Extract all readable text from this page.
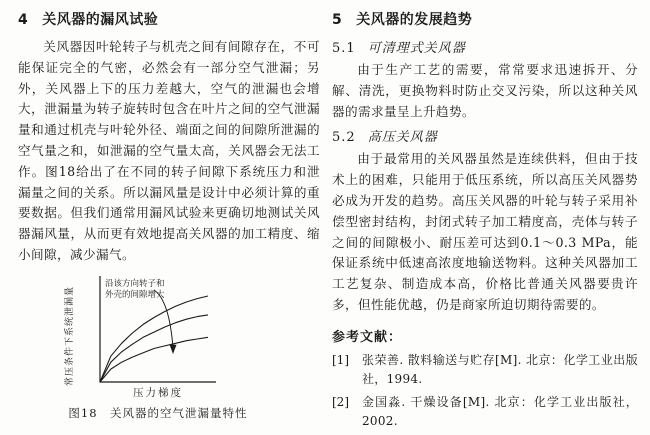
4 关风器的漏风试验

关风器因叶轮转子与机壳之间有间隙存在，不可能保证完全的气密，必然会有一部分空气泄漏；另外，关风器上下的压力差越大，空气的泄漏也会增大，泄漏量为转子旋转时包含在叶片之间的空气泄漏量和通过机壳与叶轮外径、端面之间的间隙所泄漏的空气量之和，如泄漏的空气量太高，关风器会无法工作。图18给出了在不同的转子间隙下系统压力和泄漏量之间的关系。所以漏风量是设计中必须计算的重要数据。但我们通常用漏风试验来更确切地测试关风器漏风量，从而更有效地提高关风器的加工精度、缩小间隙，减少漏气。

常压条件下系统泄漏量
沿该方向转子和
外壳的间隙增大
压力梯度
图18　关风器的空气泄漏量特性
5 关风器的发展趋势
5.1 可清理式关风器

由于生产工艺的需要，常常要求迅速拆开、分解、清洗，更换物料时防止交叉污染，所以这种关风器的需求量呈上升趋势。

5.2 高压关风器

由于最常用的关风器虽然是连续供料，但由于技术上的困难，只能用于低压系统，所以高压关风器势必成为开发的趋势。高压关风器的叶轮与转子采用补偿型密封结构，封闭式转子加工精度高，壳体与转子之间的间隙极小、耐压差可达到0.1～0.3 MPa，能保证系统中低速高浓度地输送物料。这种关风器加工工艺复杂、制造成本高，价格比普通关风器要贵许多，但性能优越，仍是商家所迫切期待需要的。

参考文献：
[1]	张荣善. 散料输送与贮存[M]. 北京：化学工业出版社，1994.
[2]	金国淼. 干燥设备[M]. 北京：化学工业出版社，2002.
